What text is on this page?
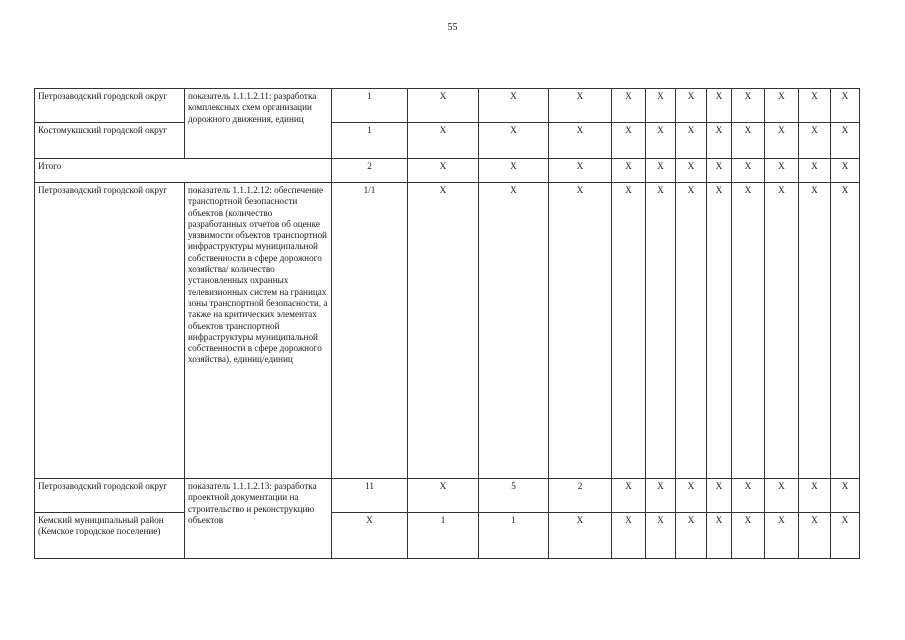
55
Петрозаводский городской округ	показатель 1.1.1.2.11: разработка комплексных схем организации дорожного движения, единиц	1	X	X	X	X	X	X	X	X	X	X	X
Костомукшский городской округ		1	X	X	X	X	X	X	X	X	X	X	X
Итого		2	X	X	X	X	X	X	X	X	X	X	X
Петрозаводский городской округ	показатель 1.1.1.2.12: обеспечение транспортной безопасности объектов (количество разработанных отчетов об оценке уязвимости объектов транспортной инфраструктуры муниципальной собственности в сфере дорожного хозяйства/ количество установленных охранных телевизионных систем на границах зоны транспортной безопасности, а также на критических элементах объектов транспортной инфраструктуры муниципальной собственности в сфере дорожного хозяйства), единиц/единиц	1/1	X	X	X	X	X	X	X	X	X	X	X
Петрозаводский городской округ	показатель 1.1.1.2.13: разработка проектной документации на строительство и реконструкцию объектов	11	X	5	2	X	X	X	X	X	X	X	X
Кемский муниципальный район (Кемское городское поселение)		X	1	1	X	X	X	X	X	X	X	X	X
